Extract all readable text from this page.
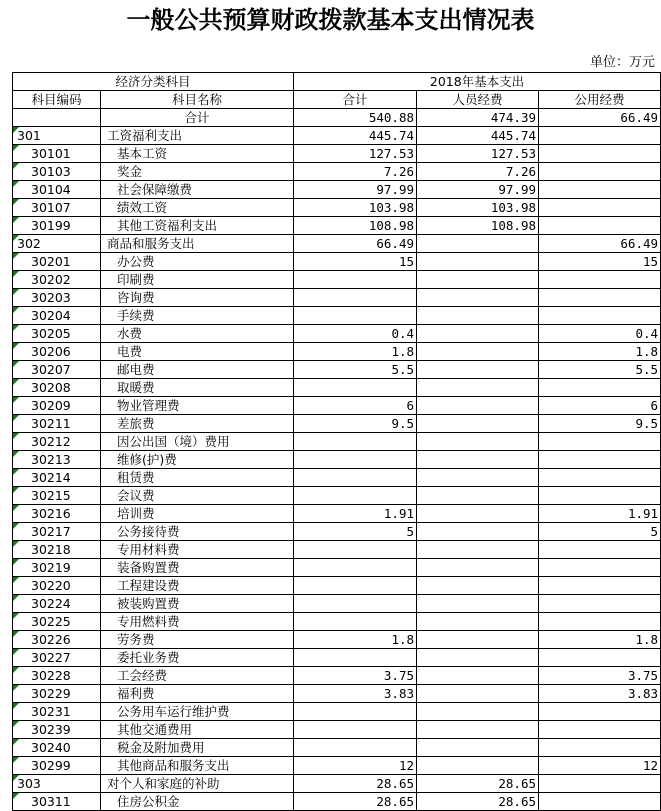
一般公共预算财政拨款基本支出情况表
单位：万元
经济分类科目		2018年基本支出		
科目编码	科目名称	合计	人员经费	公用经费
	合计	540.88	474.39	66.49

301	工资福利支出	445.74	445.74	

30101	基本工资	127.53	127.53	

30103	奖金	7.26	7.26	

30104	社会保障缴费	97.99	97.99	

30107	绩效工资	103.98	103.98	

30199	其他工资福利支出	108.98	108.98	

302	商品和服务支出	66.49		66.49

30201	办公费	15		15

30202	印刷费			

30203	咨询费			

30204	手续费			

30205	水费	0.4		0.4

30206	电费	1.8		1.8

30207	邮电费	5.5		5.5

30208	取暖费			

30209	物业管理费	6		6

30211	差旅费	9.5		9.5

30212	因公出国（境）费用			

30213	维修(护)费			

30214	租赁费			

30215	会议费			

30216	培训费	1.91		1.91

30217	公务接待费	5		5

30218	专用材料费			

30219	装备购置费			

30220	工程建设费			

30224	被装购置费			

30225	专用燃料费			

30226	劳务费	1.8		1.8

30227	委托业务费			

30228	工会经费	3.75		3.75

30229	福利费	3.83		3.83

30231	公务用车运行维护费			

30239	其他交通费用			

30240	税金及附加费用			

30299	其他商品和服务支出	12		12

303	对个人和家庭的补助	28.65	28.65	

30311	住房公积金	28.65	28.65	
